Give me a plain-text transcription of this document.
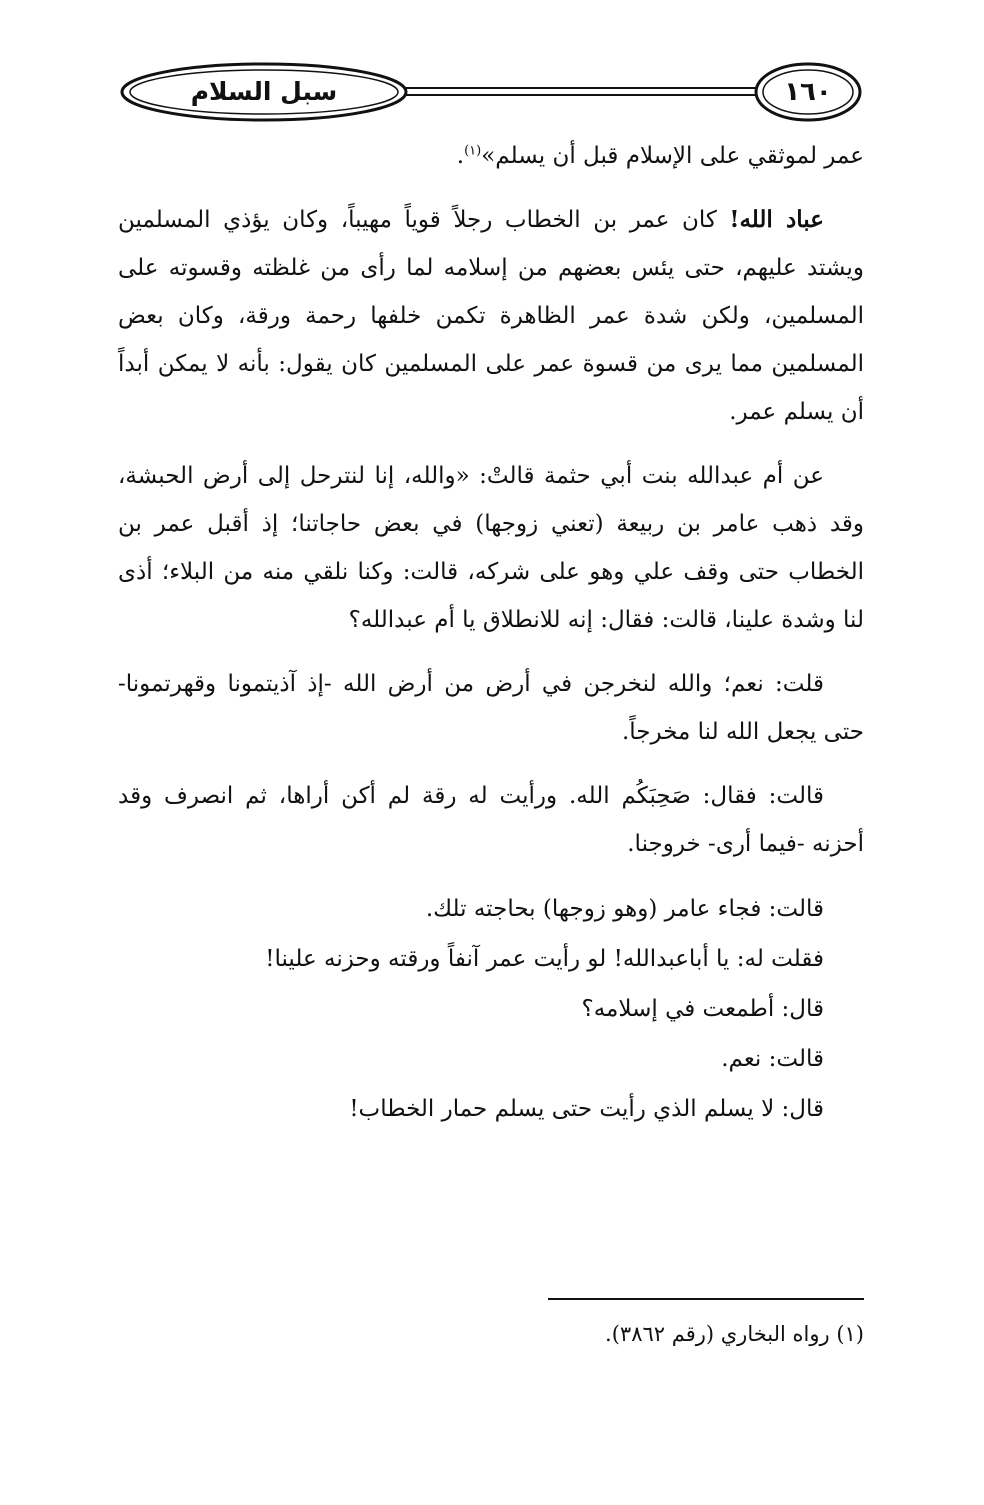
سبل السلام	١٦٠

عمر لموثقي على الإسلام قبل أن يسلم»$^{(١)}$.

عباد الله! كان عمر بن الخطاب رجلاً قوياً مهيباً، وكان يؤذي المسلمين ويشتد عليهم، حتى يئس بعضهم من إسلامه لما رأى من غلظته وقسوته على المسلمين، ولكن شدة عمر الظاهرة تكمن خلفها رحمة ورقة، وكان بعض المسلمين مما يرى من قسوة عمر على المسلمين كان يقول: بأنه لا يمكن أبداً أن يسلم عمر.

عن أم عبدالله بنت أبي حثمة قالتْ: «والله، إنا لنترحل إلى أرض الحبشة، وقد ذهب عامر بن ربيعة (تعني زوجها) في بعض حاجاتنا؛ إذ أقبل عمر بن الخطاب حتى وقف علي وهو على شركه، قالت: وكنا نلقي منه من البلاء؛ أذى لنا وشدة علينا، قالت: فقال: إنه للانطلاق يا أم عبدالله؟

قلت: نعم؛ والله لنخرجن في أرض من أرض الله -إذ آذيتمونا وقهرتمونا- حتى يجعل الله لنا مخرجاً.

قالت: فقال: صَحِبَكُم الله. ورأيت له رقة لم أكن أراها، ثم انصرف وقد أحزنه -فيما أرى- خروجنا.

قالت: فجاء عامر (وهو زوجها) بحاجته تلك.
فقلت له: يا أباعبدالله! لو رأيت عمر آنفاً ورقته وحزنه علينا!
قال: أطمعت في إسلامه؟
قالت: نعم.
قال: لا يسلم الذي رأيت حتى يسلم حمار الخطاب!
(١) رواه البخاري (رقم ٣٨٦٢).
